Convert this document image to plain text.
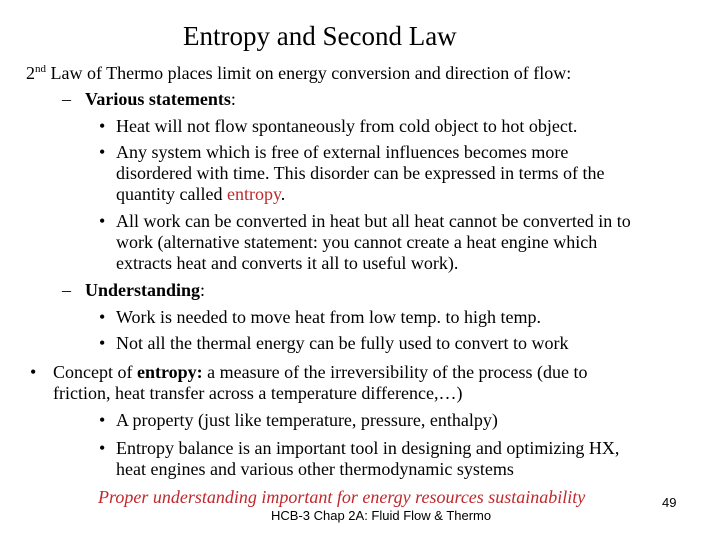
Entropy and Second Law
2nd Law of Thermo places limit on energy conversion and direction of flow:
– Various statements:
• Heat will not flow spontaneously from cold object to hot object.
• Any system which is free of external influences becomes more
disordered with time. This disorder can be expressed in terms of the
quantity called entropy.
• All work can be converted in heat but all heat cannot be converted in to
work (alternative statement: you cannot create a heat engine which
extracts heat and converts it all to useful work).
– Understanding:
• Work is needed to move heat from low temp. to high temp.
• Not all the thermal energy can be fully used to convert to work
• Concept of entropy: a measure of the irreversibility of the process (due to
friction, heat transfer across a temperature difference,…)
• A property (just like temperature, pressure, enthalpy)
• Entropy balance is an important tool in designing and optimizing HX,
heat engines and various other thermodynamic systems
Proper understanding important for energy resources sustainability	49
HCB-3 Chap 2A: Fluid Flow & Thermo
